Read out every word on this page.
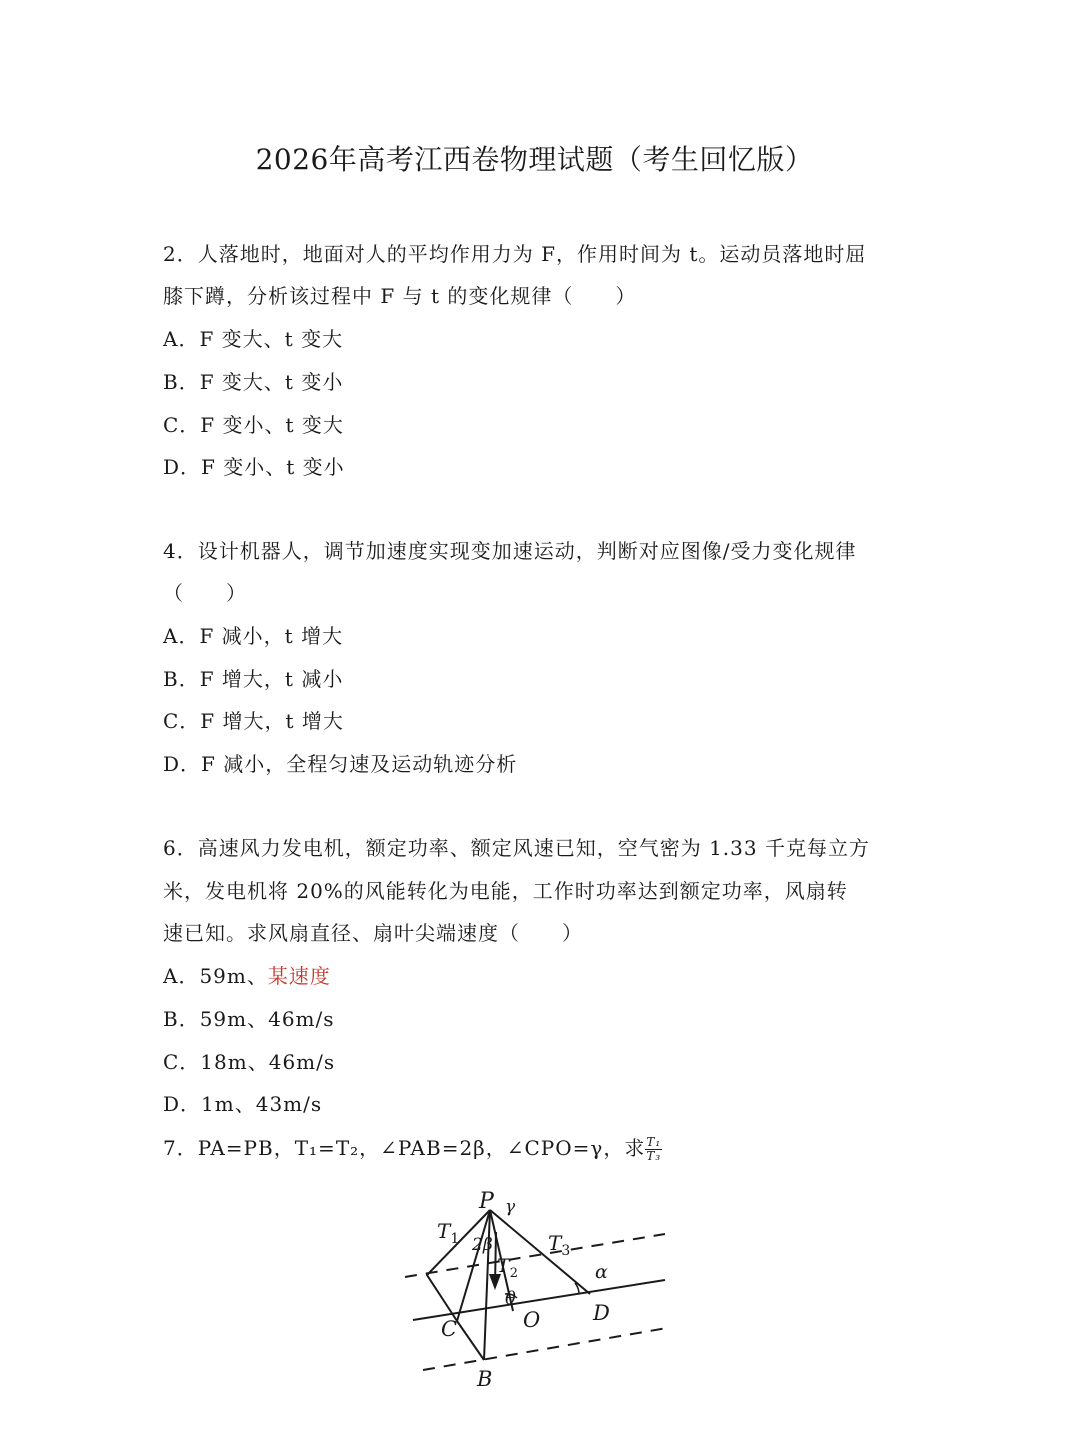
2026年高考江西卷物理试题（考生回忆版）
2．人落地时，地面对人的平均作用力为 F，作用时间为 t。运动员落地时屈
膝下蹲，分析该过程中 F 与 t 的变化规律（　　）
A．F 变大、t 变大
B．F 变大、t 变小
C．F 变小、t 变大
D．F 变小、t 变小
4．设计机器人，调节加速度实现变加速运动，判断对应图像/受力变化规律
（　　）
A．F 减小，t 增大
B．F 增大，t 减小
C．F 增大，t 增大
D．F 减小，全程匀速及运动轨迹分析
6．高速风力发电机，额定功率、额定风速已知，空气密为 1.33 千克每立方
米，发电机将 20%的风能转化为电能，工作时功率达到额定功率，风扇转
速已知。求风扇直径、扇叶尖端速度（　　）
A．59m、某速度
B．59m、46m/s
C．18m、46m/s
D．1m、43m/s
7．PA=PB，T₁=T₂，∠PAB=2β，∠CPO=γ，求 $\frac{\text{T₁}}{\text{T₃}}$
P γ
$T_1$ 2β	$T_3$
$T_2$	α
θ
C	O	D
B
